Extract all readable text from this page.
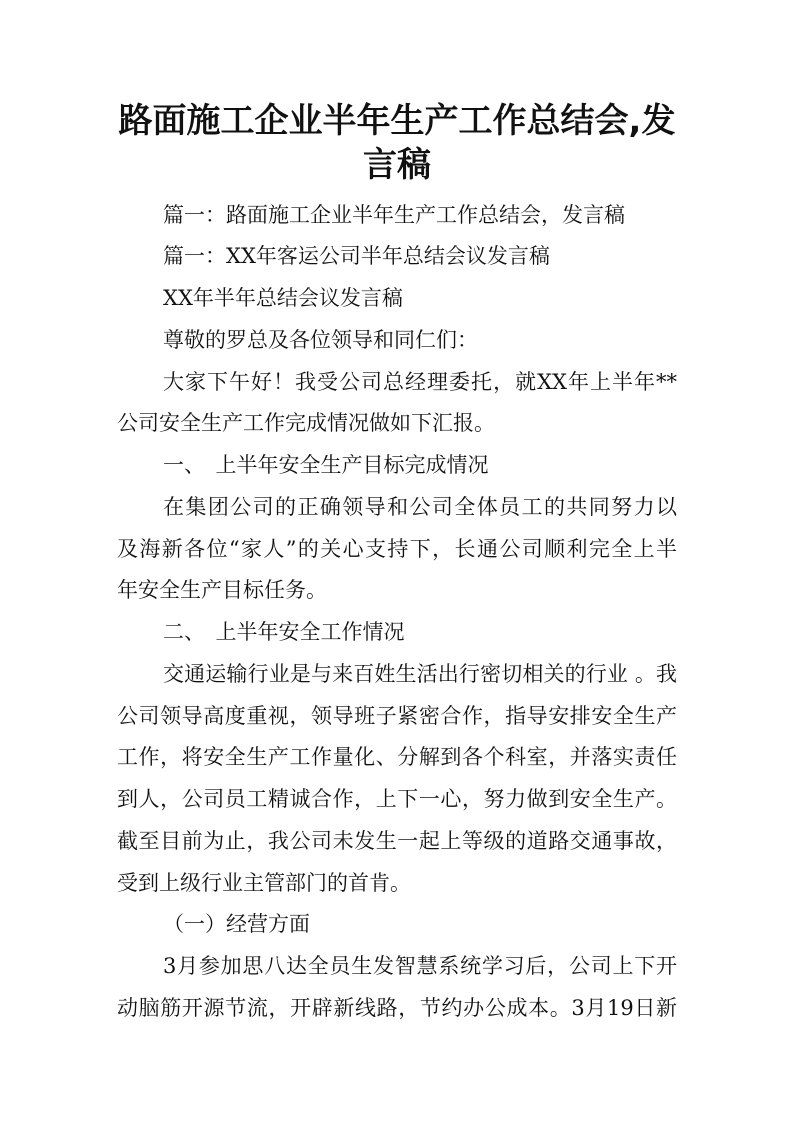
路面施工企业半年生产工作总结会,发
言稿
篇一：路面施工企业半年生产工作总结会，发言稿
篇一：XX年客运公司半年总结会议发言稿
XX年半年总结会议发言稿
尊敬的罗总及各位领导和同仁们：
大家下午好！我受公司总经理委托，就XX年上半年**
公司安全生产工作完成情况做如下汇报。
一、　上半年安全生产目标完成情况
在集团公司的正确领导和公司全体员工的共同努力以
及海新各位“家人”的关心支持下，长通公司顺利完全上半
年安全生产目标任务。
二、　上半年安全工作情况
交通运输行业是与来百姓生活出行密切相关的行业 。我
公司领导高度重视，领导班子紧密合作，指导安排安全生产
工作，将安全生产工作量化、分解到各个科室，并落实责任
到人，公司员工精诚合作，上下一心，努力做到安全生产。
截至目前为止，我公司未发生一起上等级的道路交通事故，
受到上级行业主管部门的首肯。
（一）经营方面
3月参加思八达全员生发智慧系统学习后，公司上下开
动脑筋开源节流，开辟新线路，节约办公成本。3月19日新
